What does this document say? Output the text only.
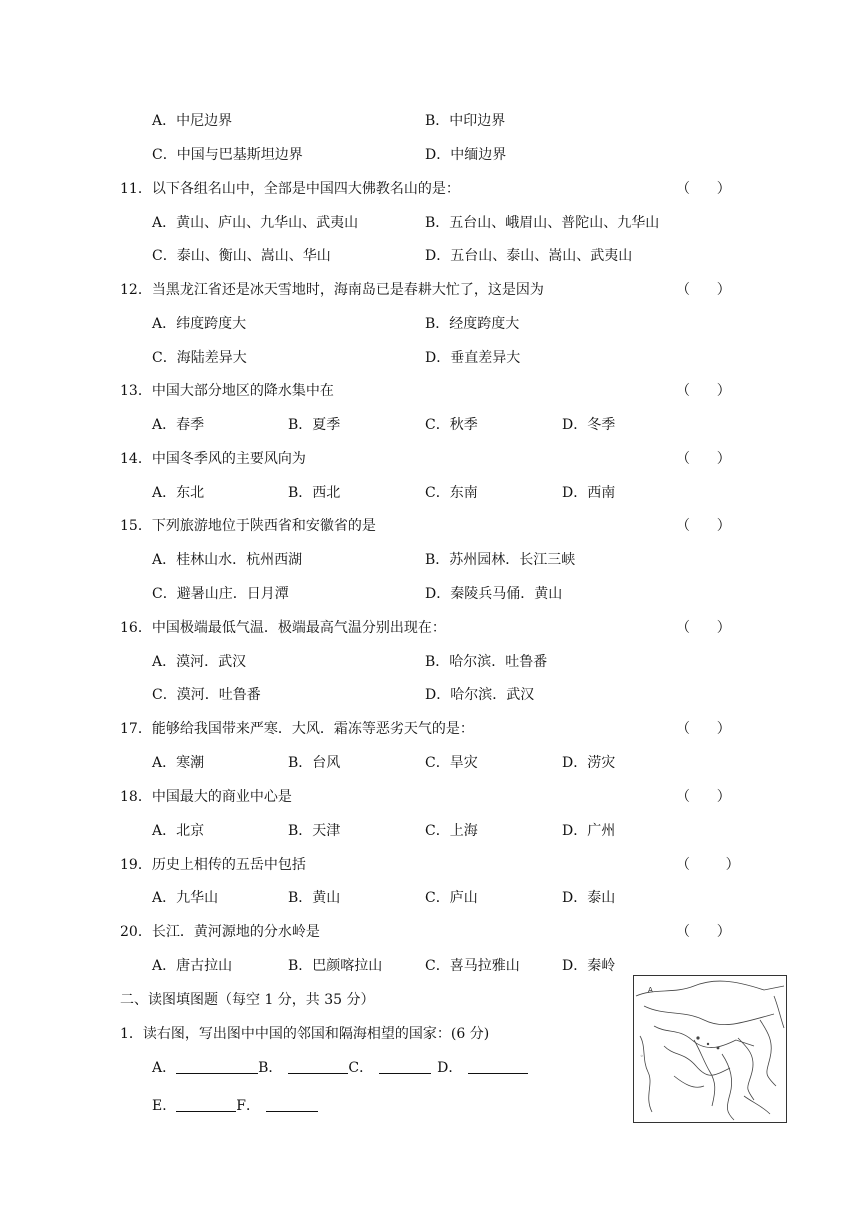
A．中尼边界	B．中印边界
C．中国与巴基斯坦边界	D．中缅边界
11．以下各组名山中，全部是中国四大佛教名山的是：	（      ）
A．黄山、庐山、九华山、武夷山	B．五台山、峨眉山、普陀山、九华山
C．泰山、衡山、嵩山、华山	D．五台山、泰山、嵩山、武夷山
12．当黑龙江省还是冰天雪地时，海南岛已是春耕大忙了，这是因为	（      ）
A．纬度跨度大	B．经度跨度大
C．海陆差异大	D．垂直差异大
13．中国大部分地区的降水集中在	（      ）
A．春季	B．夏季	C．秋季	D．冬季
14．中国冬季风的主要风向为	（      ）
A．东北	B．西北	C．东南	D．西南
15．下列旅游地位于陕西省和安徽省的是	（      ）
A．桂林山水．杭州西湖	B．苏州园林．长江三峡
C．避暑山庄．日月潭	D．秦陵兵马俑．黄山
16．中国极端最低气温．极端最高气温分别出现在：	（      ）
A．漠河．武汉	B．哈尔滨．吐鲁番
C．漠河．吐鲁番	D．哈尔滨．武汉
17．能够给我国带来严寒．大风．霜冻等恶劣天气的是：	（      ）
A．寒潮	B．台风	C．旱灾	D．涝灾
18．中国最大的商业中心是	（      ）
A．北京	B．天津	C．上海	D．广州
19．历史上相传的五岳中包括	（        ）
A．九华山	B．黄山	C．庐山	D．泰山
20．长江．黄河源地的分水岭是	（      ）
A．唐古拉山	B．巴颜喀拉山	C．喜马拉雅山	D．秦岭
二、读图填图题（每空 1 分，共 35 分）
1．读右图，写出图中中国的邻国和隔海相望的国家：(6 分)
A．	B．	C．	D．
E．	F．
A
◦
